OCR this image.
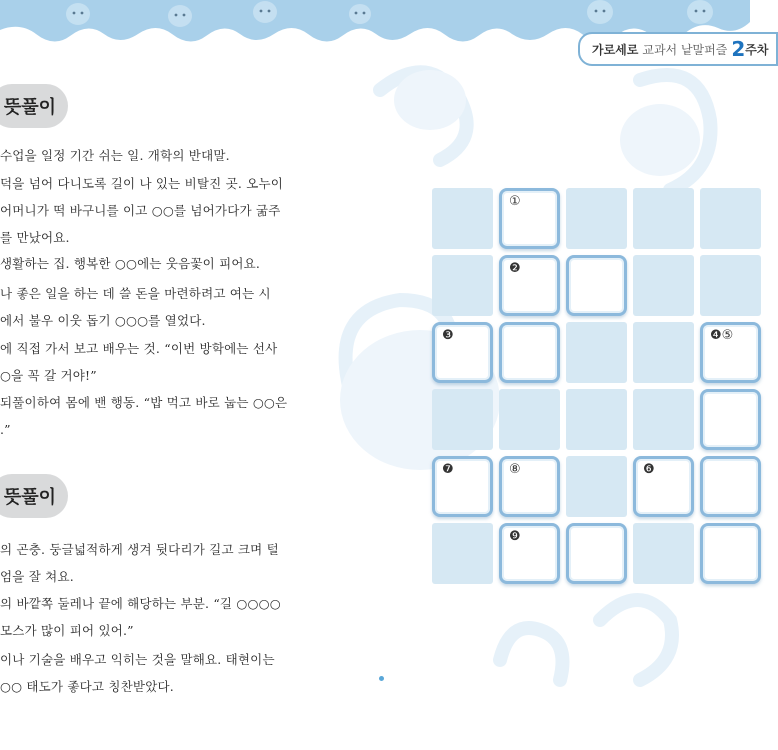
가로세로 교과서 낱말퍼즐 2 주차
뜻풀이
수업을 일정 기간 쉬는 일. 개학의 반대말.
덕을 넘어 다니도록 길이 나 있는 비탈진 곳. 오누이
어머니가 떡 바구니를 이고 ○○를 넘어가다가 굶주
를 만났어요.
생활하는 집. 행복한 ○○에는 웃음꽃이 피어요.
나 좋은 일을 하는 데 쓸 돈을 마련하려고 여는 시
에서 불우 이웃 돕기 ○○○를 열었다.
에 직접 가서 보고 배우는 것. “이번 방학에는 선사
○을 꼭 갈 거야!”
되풀이하여 몸에 밴 행동. “밥 먹고 바로 눕는 ○○은
.”
뜻풀이
의 곤충. 둥글넓적하게 생겨 뒷다리가 길고 크며 털
엄을 잘 쳐요.
의 바깥쪽 둘레나 끝에 해당하는 부분. “길 ○○○○
모스가 많이 피어 있어.”
이나 기술을 배우고 익히는 것을 말해요. 태현이는
○○ 태도가 좋다고 칭찬받았다.
①
❷
❸	❹⑤
❼	⑧	❻
❾
